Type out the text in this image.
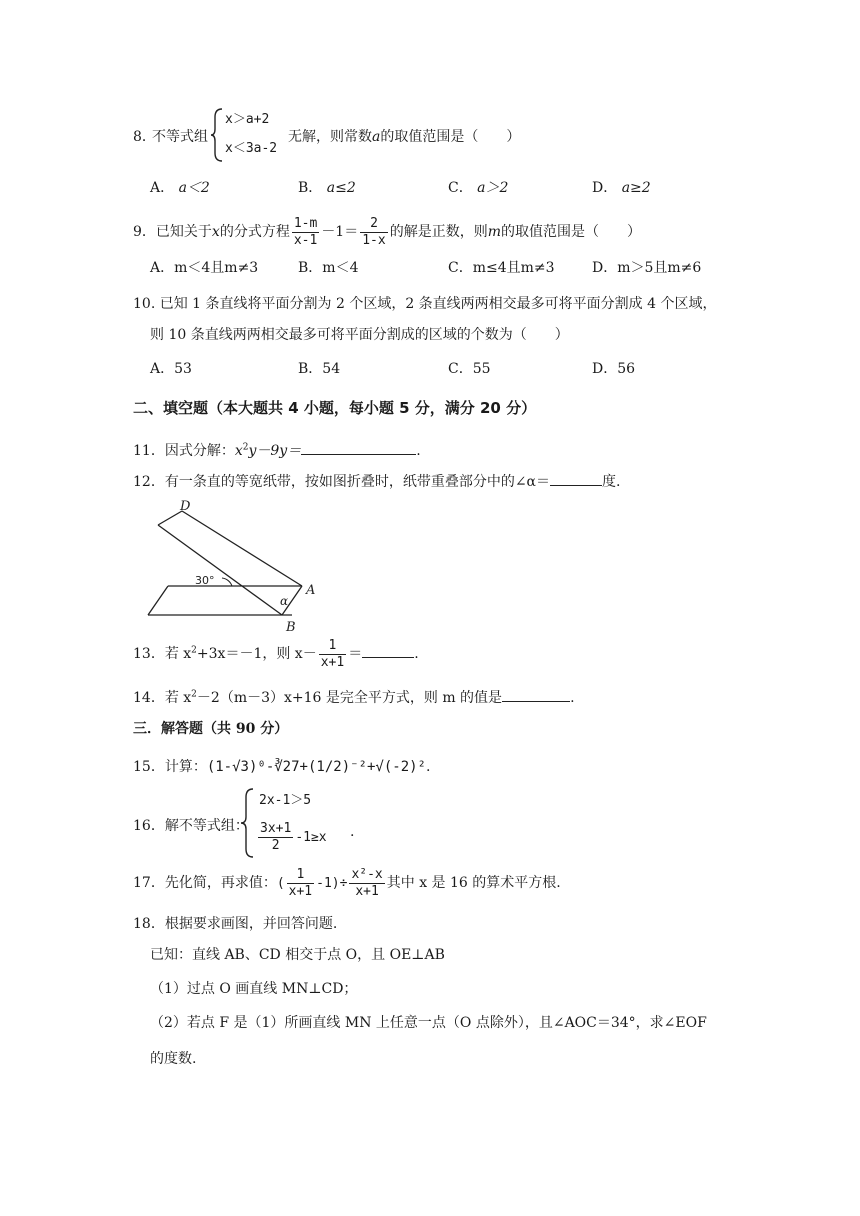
8．
不等式组
x＞a+2
x＜3a-2
无解，则常数a的取值范围是（　　）
A． a＜2	B． a≤2	C． a＞2	D． a≥2
9．已知关于x的分式方程 $\frac{1-m}{x-1} -1= \frac{2}{1-x}$ 的解是正数，则m的取值范围是（　　）
A．m＜4且m≠3	B．m＜4	C．m≤4且m≠3	D．m＞5且m≠6
10. 已知 1 条直线将平面分割为 2 个区域，2 条直线两两相交最多可将平面分割成 4 个区域，
则 10 条直线两两相交最多可将平面分割成的区域的个数为（　　）
A．53	B．54	C．55	D．56
二、填空题（本大题共 4 小题，每小题 5 分，满分 20 分）
11．因式分解：$x^2y-9y=$	.
12．有一条直的等宽纸带，按如图折叠时，纸带重叠部分中的∠α＝	度.
30°
α
D
A
B
13．若 $x^2+3x=-1$，则 $x- \frac{1}{x+1}$ ＝	.
14．若 $x^2-2(m-3)x+16$ 是完全平方式，则 m 的值是	.
三．解答题（共 90 分）
15．计算：(1-√3)⁰-∛27+(1/2)⁻²+√(-2)².
16．解不等式组：
2x-1＞5
$\frac{3x+1}{2} -1\ge x$ .
17．先化简，再求值：( $\frac{1}{x+1} -1)\div \frac{\text{x²-x}}{x+1}$ 其中 x 是 16 的算术平方根.
18．根据要求画图，并回答问题.
已知：直线 AB、CD 相交于点 O，且 OE⊥AB
（1）过点 O 画直线 MN⊥CD；
（2）若点 F 是（1）所画直线 MN 上任意一点（O 点除外），且∠AOC＝34°，求∠EOF
的度数.
